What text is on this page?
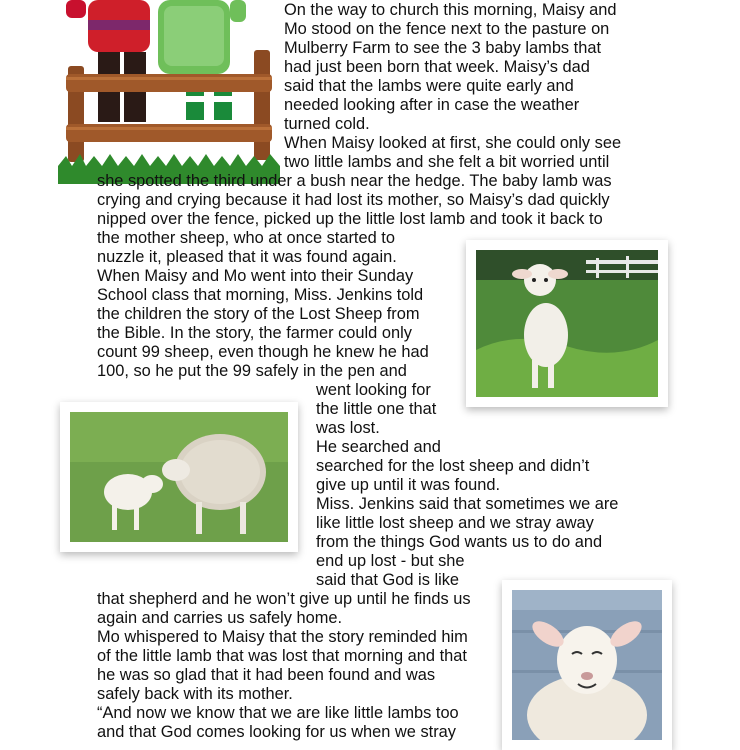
On the way to church this morning, Maisy and
Mo stood on the fence next to the pasture on
Mulberry Farm to see the 3 baby lambs that
had just been born that week. Maisy’s dad
said that the lambs were quite early and
needed looking after in case the weather
turned cold.
When Maisy looked at first, she could only see
two little lambs and she felt a bit worried until
she spotted the third under a bush near the hedge. The baby lamb was
crying and crying because it had lost its mother, so Maisy’s dad quickly
nipped over the fence, picked up the little lost lamb and took it back to
the mother sheep, who at once started to
nuzzle it, pleased that it was found again.
When Maisy and Mo went into their Sunday
School class that morning, Miss. Jenkins told
the children the story of the Lost Sheep from
the Bible. In the story, the farmer could only
count 99 sheep, even though he knew he had
100, so he put the 99 safely in the pen and
went looking for
the little one that
was lost.
He searched and
searched for the lost sheep and didn’t
give up until it was found.
Miss. Jenkins said that sometimes we are
like little lost sheep and we stray away
from the things God wants us to do and
end up lost - but she
said that God is like
that shepherd and he won’t give up until he finds us
again and carries us safely home.
Mo whispered to Maisy that the story reminded him
of the little lamb that was lost that morning and that
he was so glad that it had been found and was
safely back with its mother.
“And now we know that we are like little lambs too
and that God comes looking for us when we stray
